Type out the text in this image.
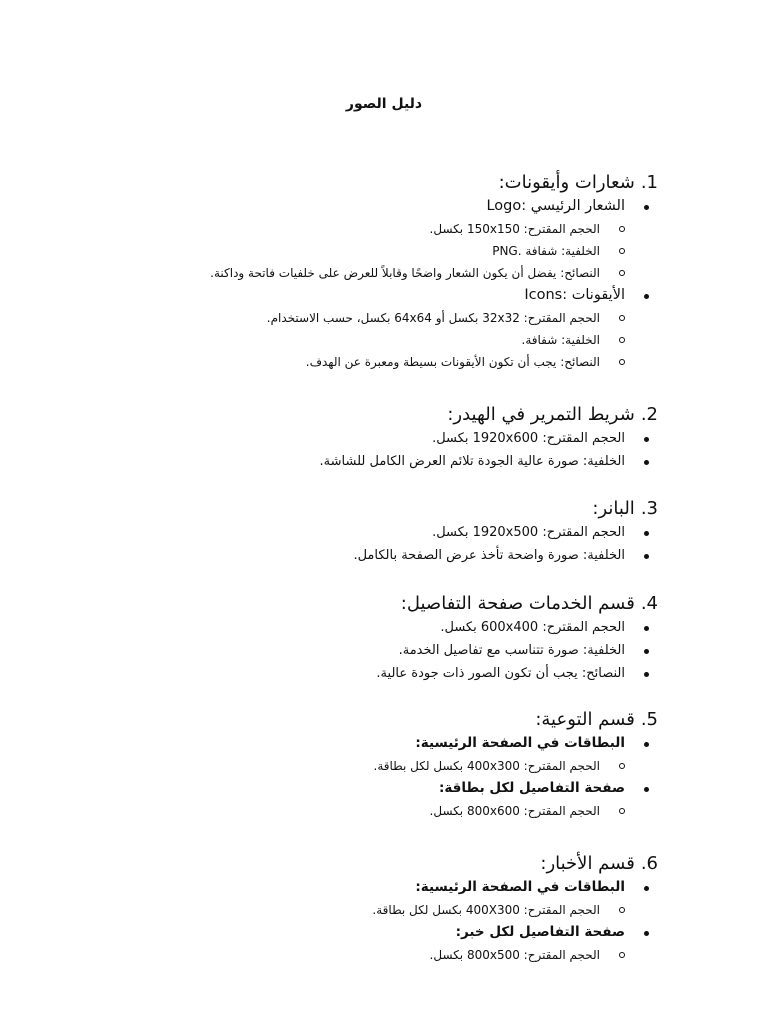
دليل الصور
1.
شعارات وأيقونات:
الشعار الرئيسي :Logo
الحجم المقترح: 150x150 بكسل.
الخلفية: شفافة .PNG
النصائح: يفضل أن يكون الشعار واضحًا وقابلاً للعرض على خلفيات فاتحة وداكنة.
الأيقونات :Icons
الحجم المقترح: 32x32 بكسل أو 64x64 بكسل، حسب الاستخدام.
الخلفية: شفافة.
النصائح: يجب أن تكون الأيقونات بسيطة ومعبرة عن الهدف.
2.
شريط التمرير في الهيدر:
الحجم المقترح: 1920x600 بكسل.
الخلفية: صورة عالية الجودة تلائم العرض الكامل للشاشة.
3.
البانر:
الحجم المقترح: 1920x500 بكسل.
الخلفية: صورة واضحة تأخذ عرض الصفحة بالكامل.
4.
قسم الخدمات صفحة التفاصيل:
الحجم المقترح: 600x400 بكسل.
الخلفية: صورة تتناسب مع تفاصيل الخدمة.
النصائح: يجب أن تكون الصور ذات جودة عالية.
5.
قسم التوعية:
البطاقات في الصفحة الرئيسية:
الحجم المقترح: 400x300 بكسل لكل بطاقة.
صفحة التفاصيل لكل بطاقة:
الحجم المقترح: 800x600 بكسل.
6.
قسم الأخبار:
البطاقات في الصفحة الرئيسية:
الحجم المقترح: 400X300 بكسل لكل بطاقة.
صفحة التفاصيل لكل خبر:
الحجم المقترح: 800x500 بكسل.
